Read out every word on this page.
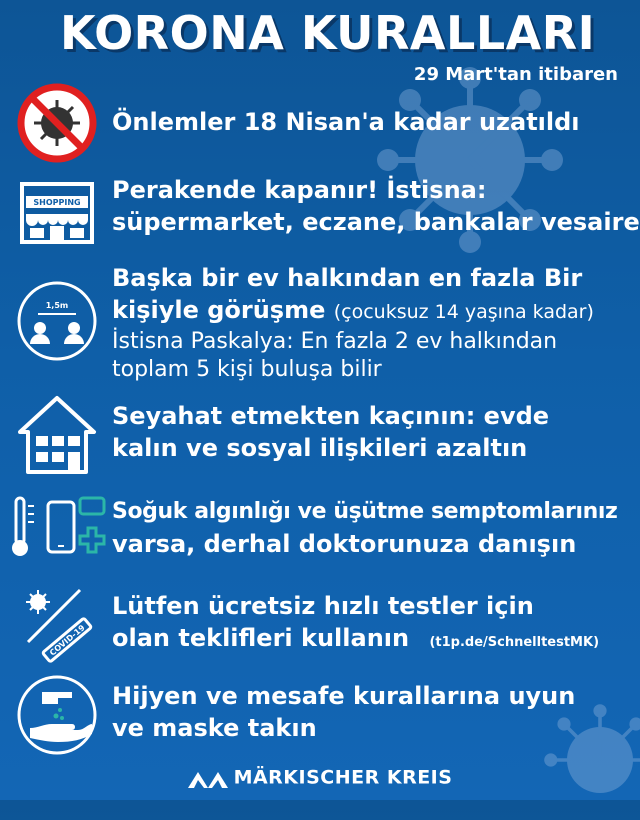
KORONA KURALLARI
29 Mart'tan itibaren
Önlemler 18 Nisan'a kadar uzatıldı
SHOPPING Perakende kapanır! İstisna:
süpermarket, eczane, bankalar vesaire
1,5m
Başka bir ev halkından en fazla Bir
kişiyle görüşme (çocuksuz 14 yaşına kadar)
İstisna Paskalya: En fazla 2 ev halkından
toplam 5 kişi buluşa bilir
Seyahat etmekten kaçının: evde
kalın ve sosyal ilişkileri azaltın
Soğuk algınlığı ve üşütme semptomlarınız
varsa, derhal doktorunuza danışın
COVID-19
Lütfen ücretsiz hızlı testler için
olan teklifleri kullanın (t1p.de/SchnelltestMK)
Hijyen ve mesafe kurallarına uyun
ve maske takın
MÄRKISCHER KREIS
